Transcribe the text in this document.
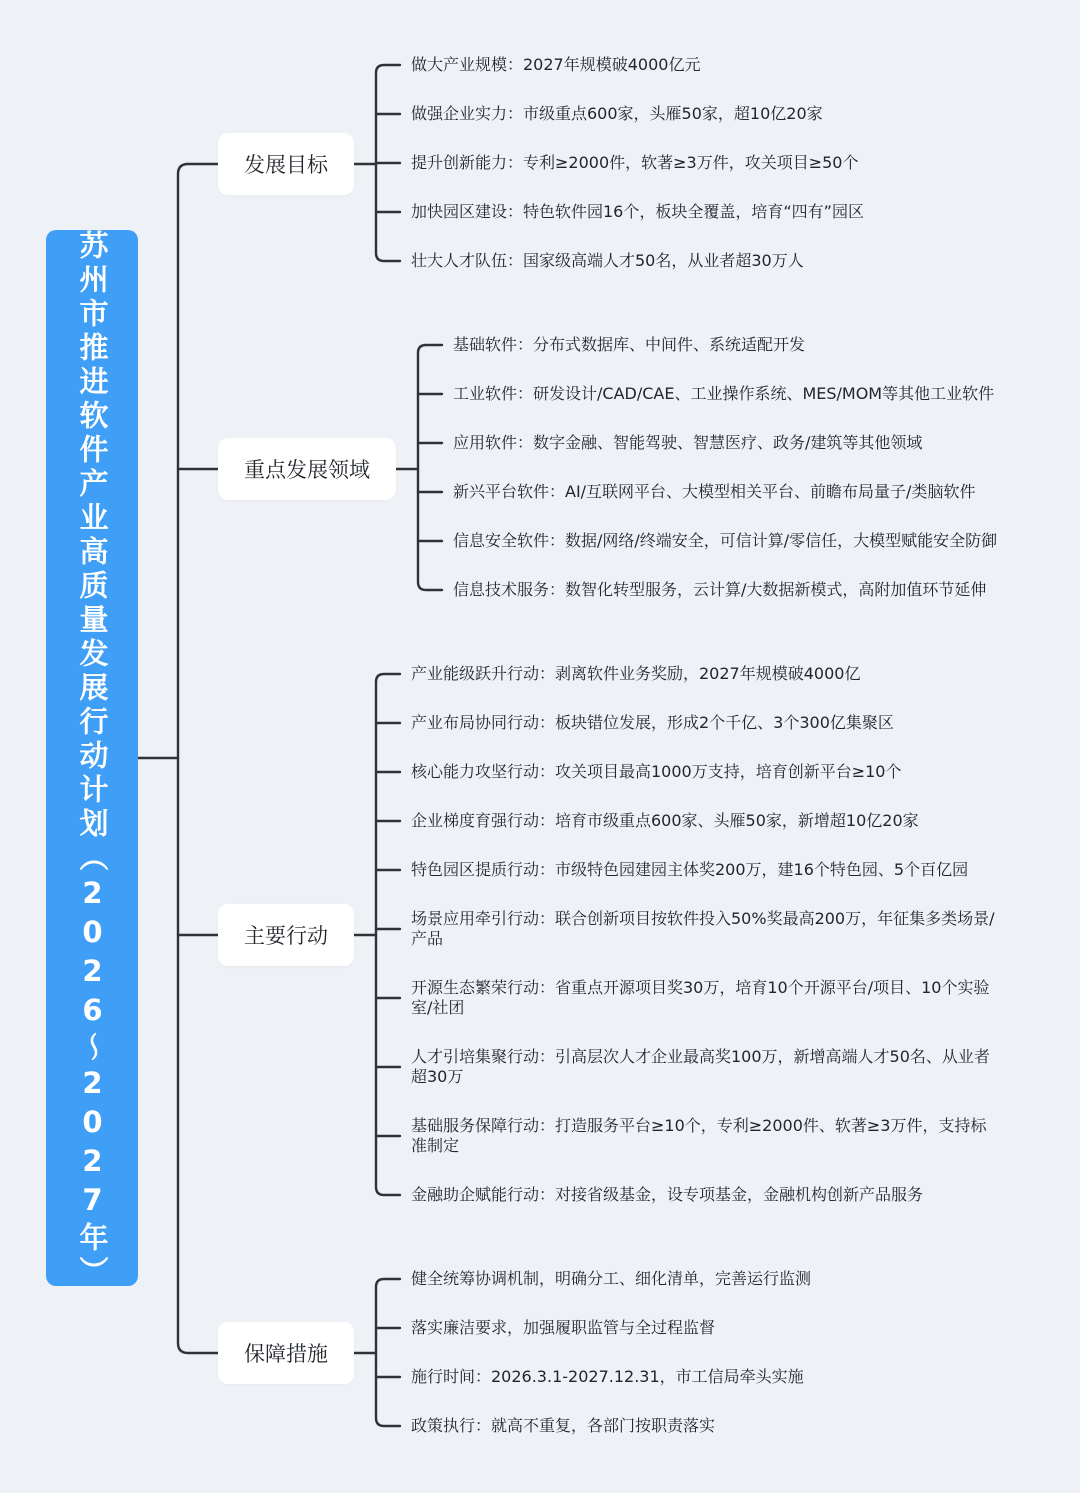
苏州市推进软件产业高质量发展行动计划（2026～2027年）
发展目标
重点发展领域
主要行动
保障措施
做大产业规模：2027年规模破4000亿元
做强企业实力：市级重点600家，头雁50家，超10亿20家
提升创新能力：专利≥2000件，软著≥3万件，攻关项目≥50个
加快园区建设：特色软件园16个，板块全覆盖，培育“四有”园区
壮大人才队伍：国家级高端人才50名，从业者超30万人
基础软件：分布式数据库、中间件、系统适配开发
工业软件：研发设计/CAD/CAE、工业操作系统、MES/MOM等其他工业软件
应用软件：数字金融、智能驾驶、智慧医疗、政务/建筑等其他领域
新兴平台软件：AI/互联网平台、大模型相关平台、前瞻布局量子/类脑软件
信息安全软件：数据/网络/终端安全，可信计算/零信任，大模型赋能安全防御
信息技术服务：数智化转型服务，云计算/大数据新模式，高附加值环节延伸
产业能级跃升行动：剥离软件业务奖励，2027年规模破4000亿
产业布局协同行动：板块错位发展，形成2个千亿、3个300亿集聚区
核心能力攻坚行动：攻关项目最高1000万支持，培育创新平台≥10个
企业梯度育强行动：培育市级重点600家、头雁50家，新增超10亿20家
特色园区提质行动：市级特色园建园主体奖200万，建16个特色园、5个百亿园
场景应用牵引行动：联合创新项目按软件投入50%奖最高200万，年征集多类场景/产品
开源生态繁荣行动：省重点开源项目奖30万，培育10个开源平台/项目、10个实验室/社团
人才引培集聚行动：引高层次人才企业最高奖100万，新增高端人才50名、从业者超30万
基础服务保障行动：打造服务平台≥10个，专利≥2000件、软著≥3万件，支持标准制定
金融助企赋能行动：对接省级基金，设专项基金，金融机构创新产品服务
健全统筹协调机制，明确分工、细化清单，完善运行监测
落实廉洁要求，加强履职监管与全过程监督
施行时间：2026.3.1-2027.12.31，市工信局牵头实施
政策执行：就高不重复，各部门按职责落实
